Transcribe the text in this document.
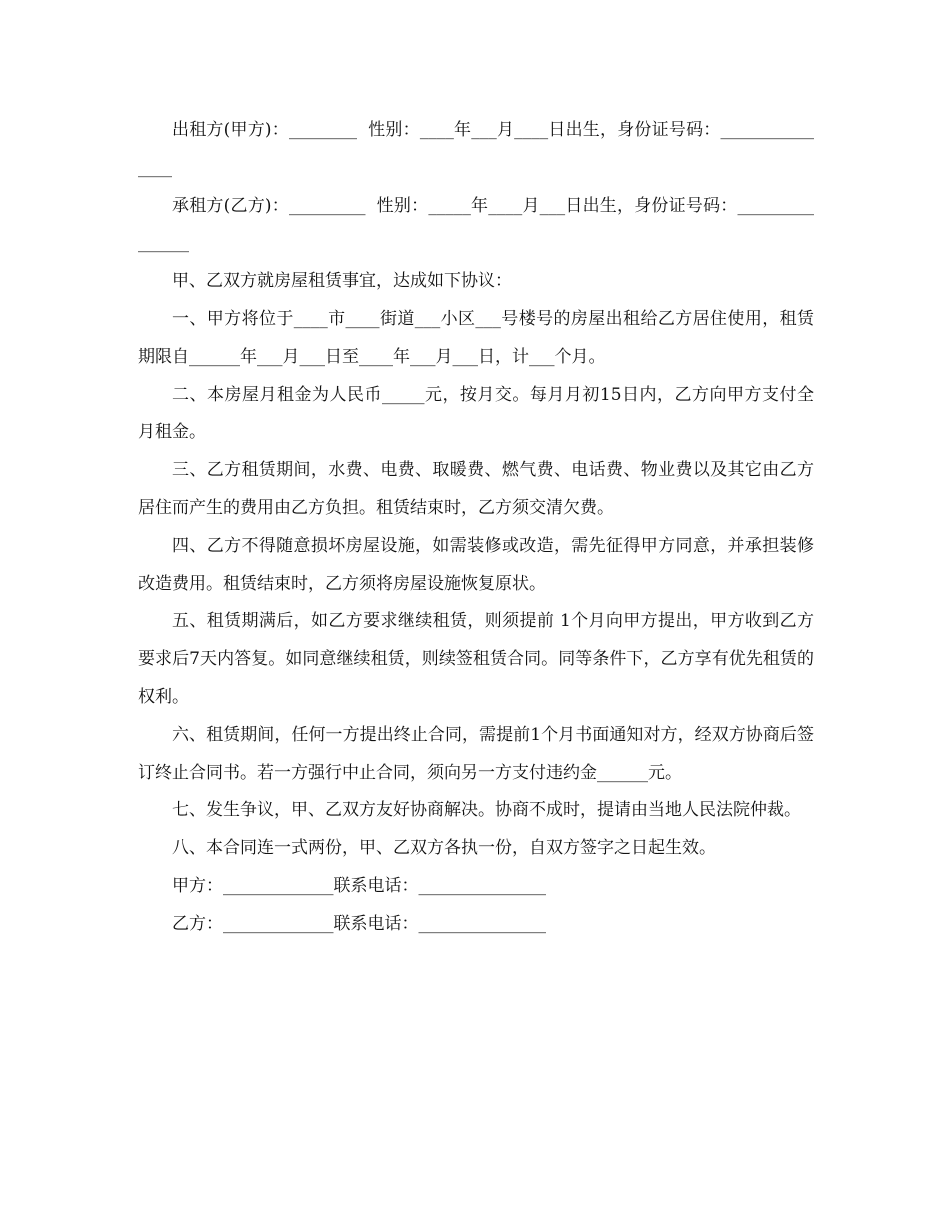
出租方(甲方)：________  性别：____年___月____日出生，身份证号码：_______________

承租方(乙方)：_________  性别：_____年____月___日出生，身份证号码：_______________

甲、乙双方就房屋租赁事宜，达成如下协议：

一、甲方将位于____市____街道___小区___号楼号的房屋出租给乙方居住使用，租赁期限自______年___月___日至____年___月___日，计___个月。

二、本房屋月租金为人民币_____元，按月交。每月月初15日内，乙方向甲方支付全月租金。

三、乙方租赁期间，水费、电费、取暖费、燃气费、电话费、物业费以及其它由乙方居住而产生的费用由乙方负担。租赁结束时，乙方须交清欠费。

四、乙方不得随意损坏房屋设施，如需装修或改造，需先征得甲方同意，并承担装修改造费用。租赁结束时，乙方须将房屋设施恢复原状。

五、租赁期满后，如乙方要求继续租赁，则须提前 1个月向甲方提出，甲方收到乙方要求后7天内答复。如同意继续租赁，则续签租赁合同。同等条件下，乙方享有优先租赁的权利。

六、租赁期间，任何一方提出终止合同，需提前1个月书面通知对方，经双方协商后签订终止合同书。若一方强行中止合同，须向另一方支付违约金______元。

七、发生争议，甲、乙双方友好协商解决。协商不成时，提请由当地人民法院仲裁。

八、本合同连一式两份，甲、乙双方各执一份，自双方签字之日起生效。

甲方：_____________联系电话：_______________

乙方：_____________联系电话：_______________
